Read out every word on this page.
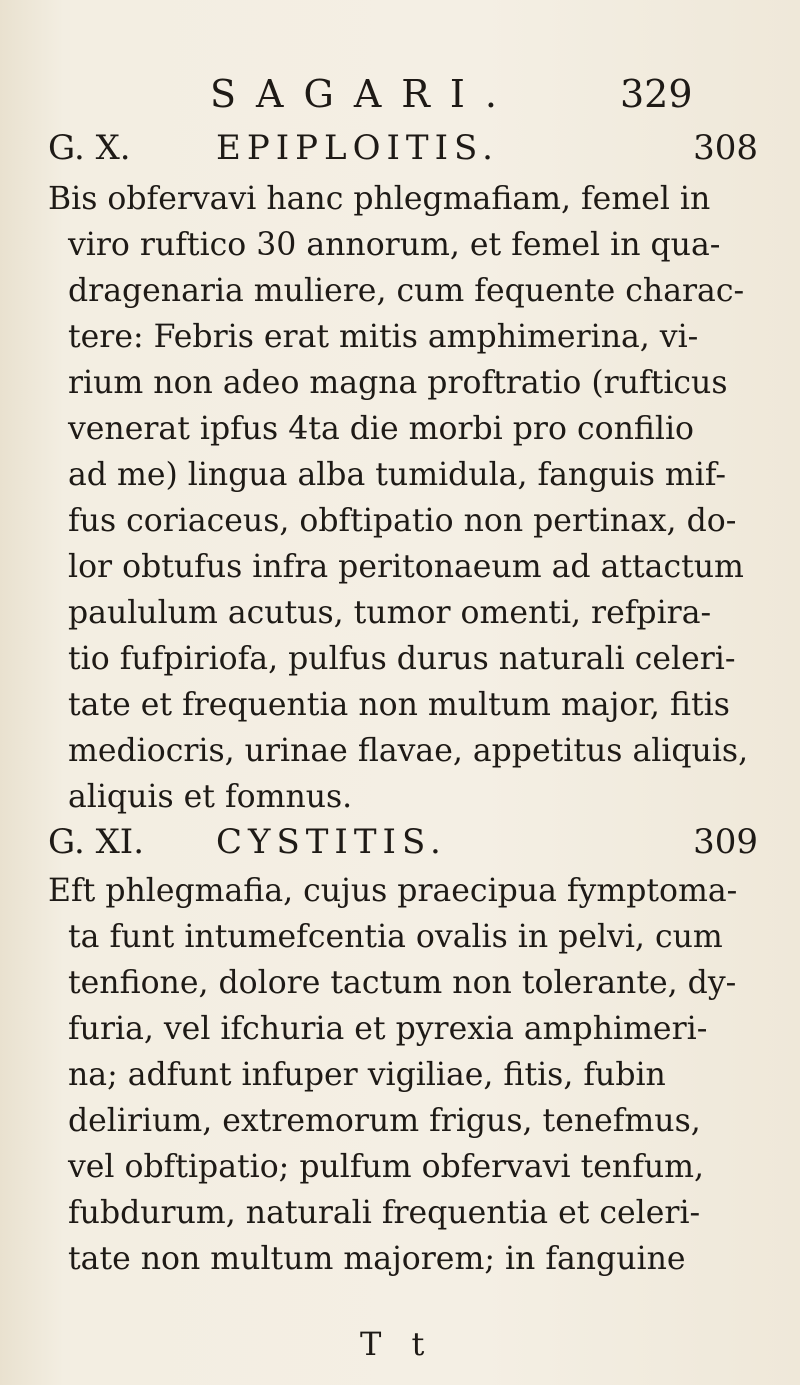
SAGARI.	329
G. X.	EPIPLOITIS.	308
Bis obfervavi hanc phlegmafiam, femel in
viro ruftico 30 annorum, et femel in qua-
dragenaria muliere, cum fequente charac-
tere: Febris erat mitis amphimerina, vi-
rium non adeo magna proftratio (rufticus
venerat ipfus 4ta die morbi pro confilio
ad me) lingua alba tumidula, fanguis mif-
fus coriaceus, obftipatio non pertinax, do-
lor obtufus infra peritonaeum ad attactum
paululum acutus, tumor omenti, refpira-
tio fufpiriofa, pulfus durus naturali celeri-
tate et frequentia non multum major, fitis
mediocris, urinae flavae, appetitus aliquis,
aliquis et fomnus.
G. XI. CYSTITIS.	309
Eft phlegmafia, cujus praecipua fymptoma-
ta funt intumefcentia ovalis in pelvi, cum
tenfione, dolore tactum non tolerante, dy-
furia, vel ifchuria et pyrexia amphimeri-
na; adfunt infuper vigiliae, fitis, fubin
delirium, extremorum frigus, tenefmus,
vel obftipatio; pulfum obfervavi tenfum,
fubdurum, naturali frequentia et celeri-
tate non multum majorem; in fanguine
T t
